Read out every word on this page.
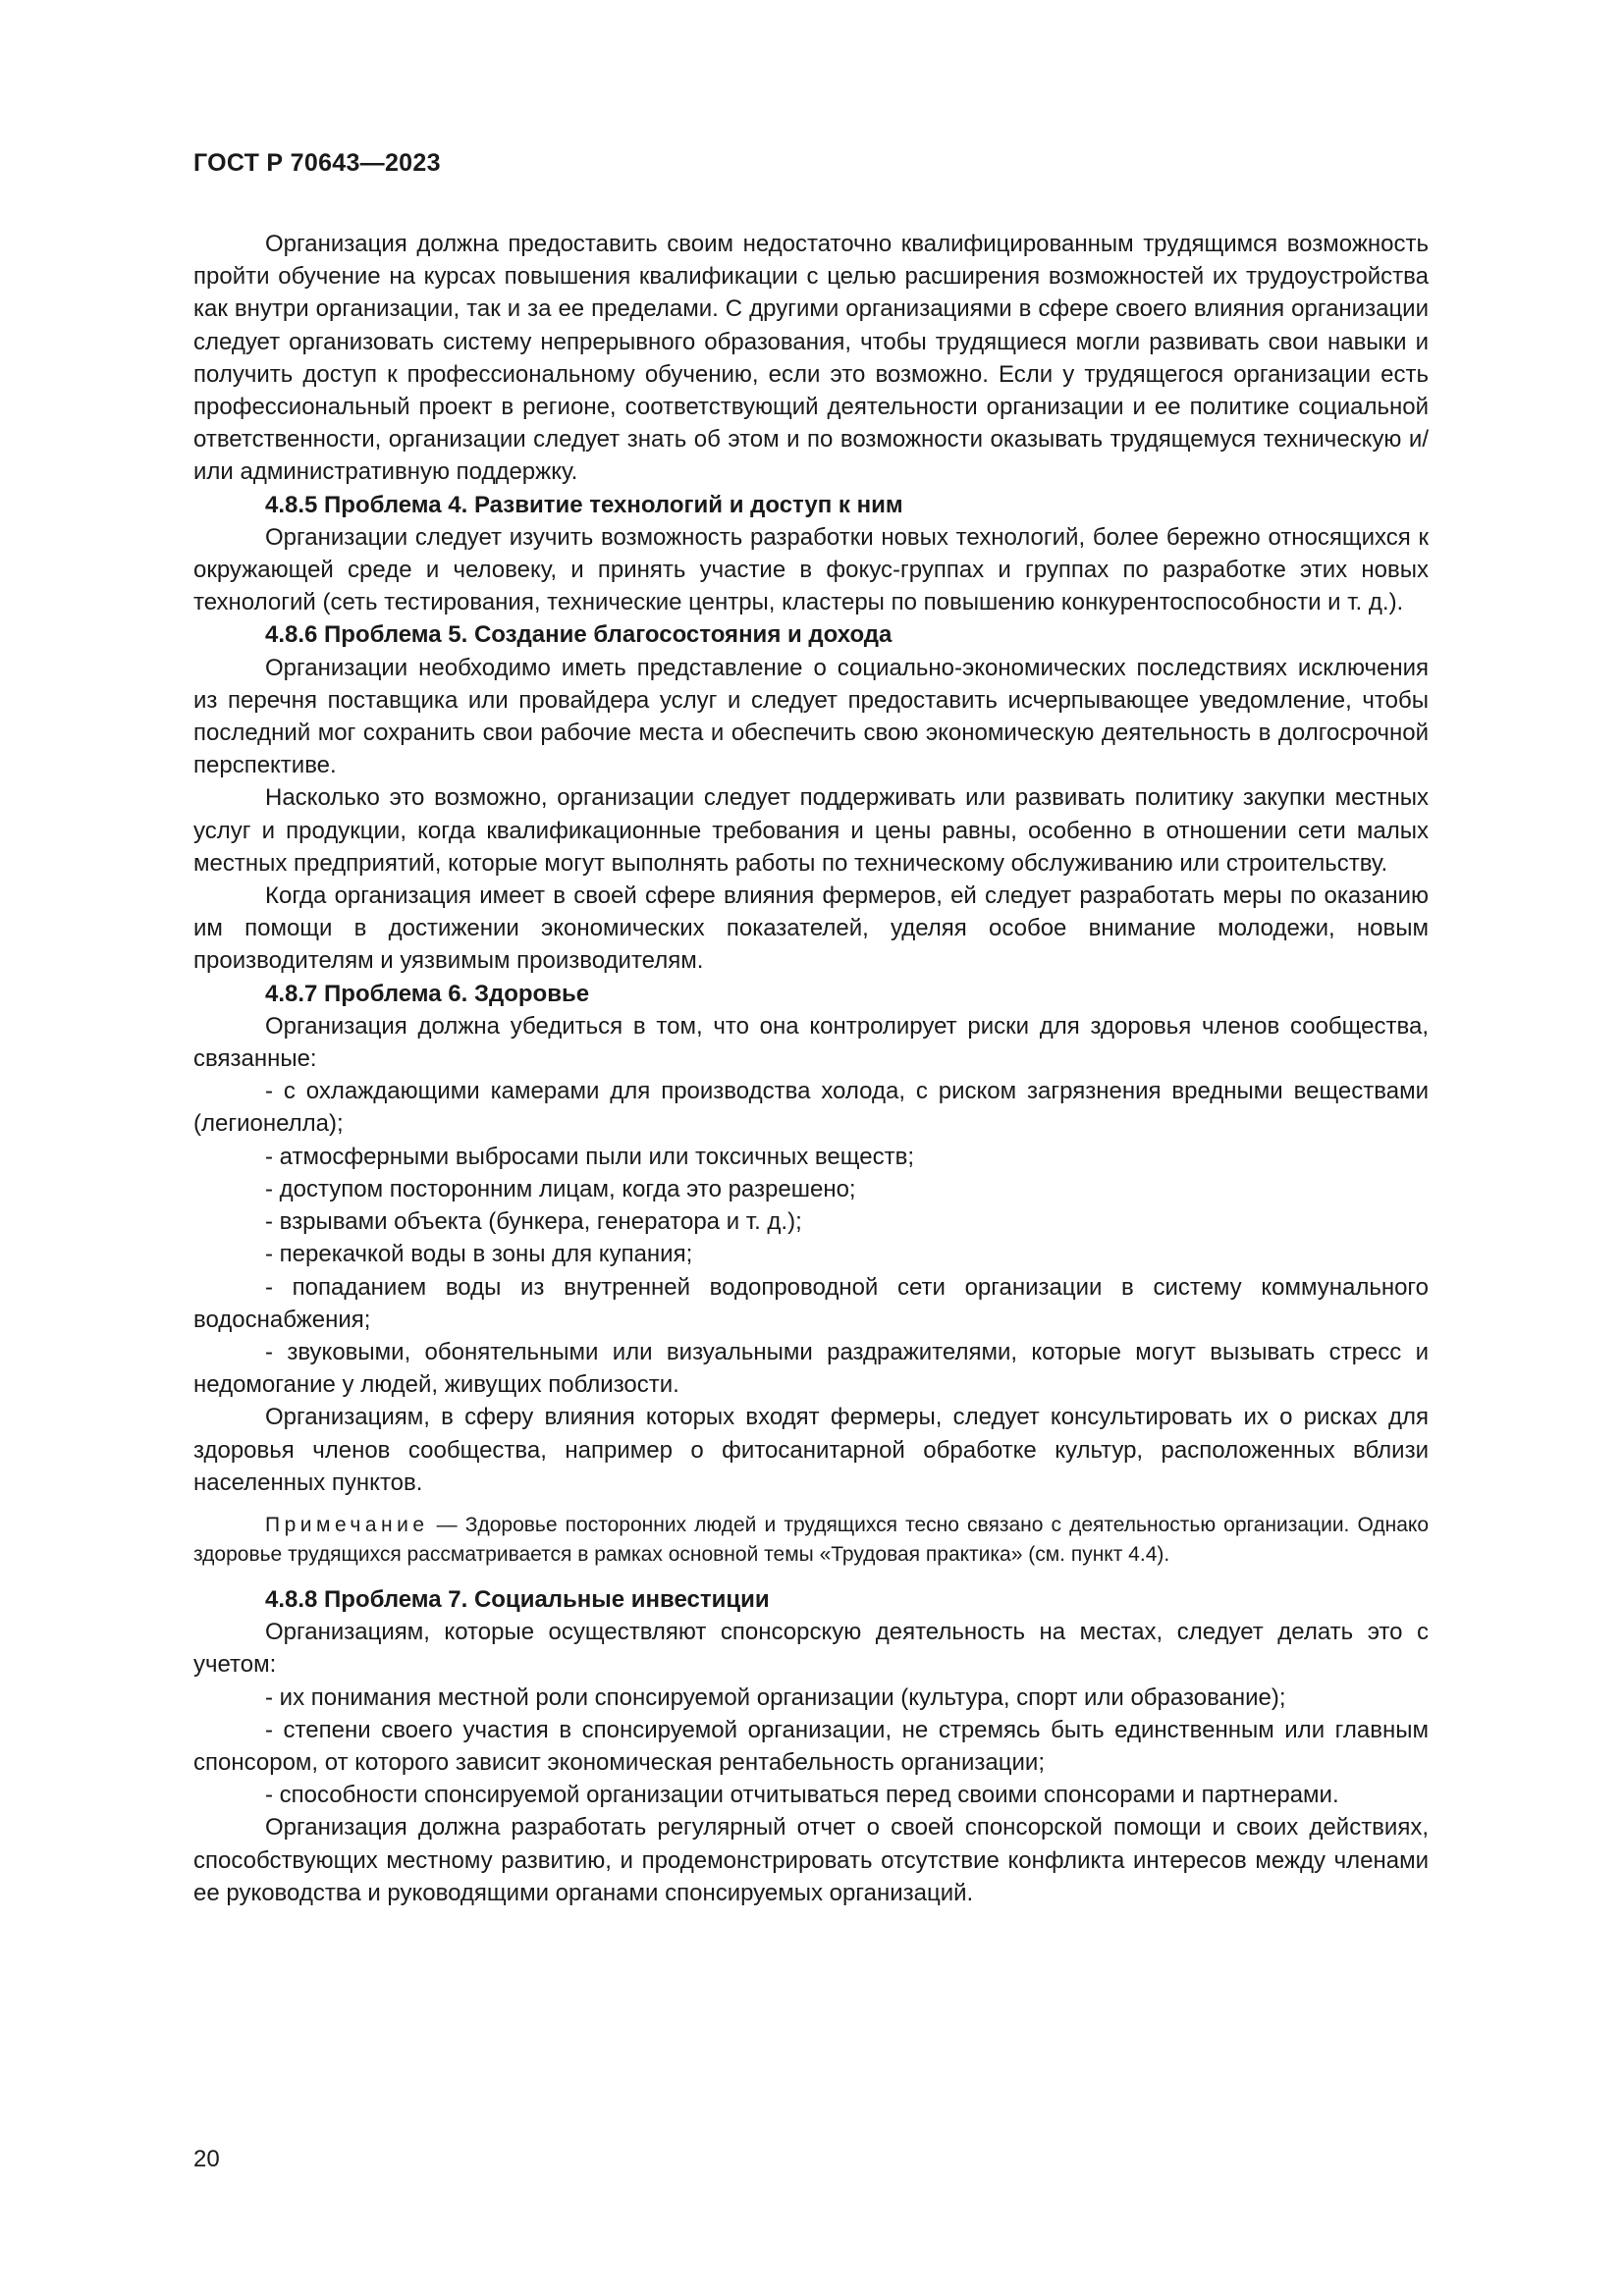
ГОСТ Р 70643—2023

Организация должна предоставить своим недостаточно квалифицированным трудящимся возможность пройти обучение на курсах повышения квалификации с целью расширения возможностей их трудоустройства как внутри организации, так и за ее пределами. С другими организациями в сфере своего влияния организации следует организовать систему непрерывного образования, чтобы трудящиеся могли развивать свои навыки и получить доступ к профессиональному обучению, если это возможно. Если у трудящегося организации есть профессиональный проект в регионе, соответствующий деятельности организации и ее политике социальной ответственности, организации следует знать об этом и по возможности оказывать трудящемуся техническую и/или административную поддержку.

4.8.5 Проблема 4. Развитие технологий и доступ к ним

Организации следует изучить возможность разработки новых технологий, более бережно относящихся к окружающей среде и человеку, и принять участие в фокус-группах и группах по разработке этих новых технологий (сеть тестирования, технические центры, кластеры по повышению конкурентоспособности и т. д.).

4.8.6 Проблема 5. Создание благосостояния и дохода

Организации необходимо иметь представление о социально-экономических последствиях исключения из перечня поставщика или провайдера услуг и следует предоставить исчерпывающее уведомление, чтобы последний мог сохранить свои рабочие места и обеспечить свою экономическую деятельность в долгосрочной перспективе.

Насколько это возможно, организации следует поддерживать или развивать политику закупки местных услуг и продукции, когда квалификационные требования и цены равны, особенно в отношении сети малых местных предприятий, которые могут выполнять работы по техническому обслуживанию или строительству.

Когда организация имеет в своей сфере влияния фермеров, ей следует разработать меры по оказанию им помощи в достижении экономических показателей, уделяя особое внимание молодежи, новым производителям и уязвимым производителям.

4.8.7 Проблема 6. Здоровье

Организация должна убедиться в том, что она контролирует риски для здоровья членов сообщества, связанные:

- с охлаждающими камерами для производства холода, с риском загрязнения вредными веществами (легионелла);

- атмосферными выбросами пыли или токсичных веществ;

- доступом посторонним лицам, когда это разрешено;

- взрывами объекта (бункера, генератора и т. д.);

- перекачкой воды в зоны для купания;

- попаданием воды из внутренней водопроводной сети организации в систему коммунального водоснабжения;

- звуковыми, обонятельными или визуальными раздражителями, которые могут вызывать стресс и недомогание у людей, живущих поблизости.

Организациям, в сферу влияния которых входят фермеры, следует консультировать их о рисках для здоровья членов сообщества, например о фитосанитарной обработке культур, расположенных вблизи населенных пунктов.

Примечание — Здоровье посторонних людей и трудящихся тесно связано с деятельностью организации. Однако здоровье трудящихся рассматривается в рамках основной темы «Трудовая практика» (см. пункт 4.4).

4.8.8 Проблема 7. Социальные инвестиции

Организациям, которые осуществляют спонсорскую деятельность на местах, следует делать это с учетом:

- их понимания местной роли спонсируемой организации (культура, спорт или образование);

- степени своего участия в спонсируемой организации, не стремясь быть единственным или главным спонсором, от которого зависит экономическая рентабельность организации;

- способности спонсируемой организации отчитываться перед своими спонсорами и партнерами.

Организация должна разработать регулярный отчет о своей спонсорской помощи и своих действиях, способствующих местному развитию, и продемонстрировать отсутствие конфликта интересов между членами ее руководства и руководящими органами спонсируемых организаций.

20
